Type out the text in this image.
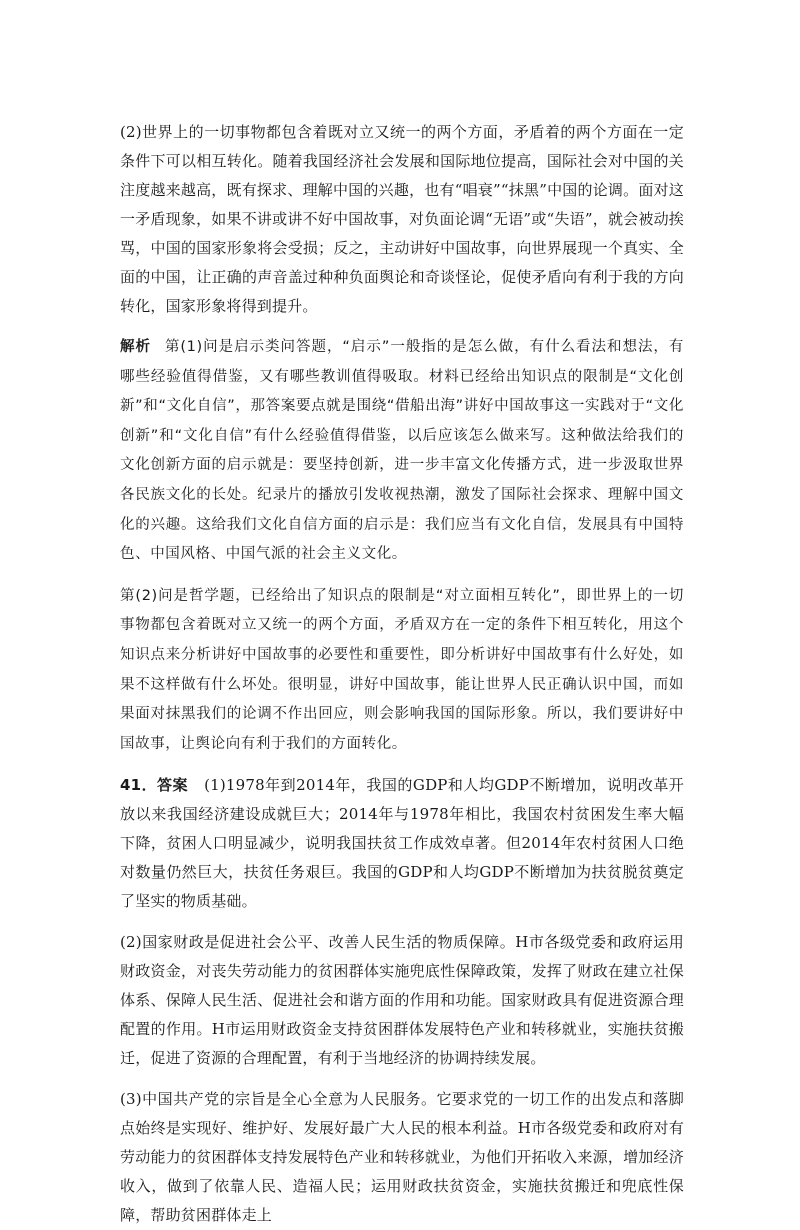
(2)世界上的一切事物都包含着既对立又统一的两个方面，矛盾着的两个方面在一定条件下可以相互转化。随着我国经济社会发展和国际地位提高，国际社会对中国的关注度越来越高，既有探求、理解中国的兴趣，也有“唱衰”“抹黑”中国的论调。面对这一矛盾现象，如果不讲或讲不好中国故事，对负面论调“无语”或“失语”，就会被动挨骂，中国的国家形象将会受损；反之，主动讲好中国故事，向世界展现一个真实、全面的中国，让正确的声音盖过种种负面舆论和奇谈怪论，促使矛盾向有利于我的方向转化，国家形象将得到提升。

解析 第(1)问是启示类问答题，“启示”一般指的是怎么做，有什么看法和想法，有哪些经验值得借鉴，又有哪些教训值得吸取。材料已经给出知识点的限制是“文化创新”和“文化自信”，那答案要点就是围绕“借船出海”讲好中国故事这一实践对于“文化创新”和“文化自信”有什么经验值得借鉴，以后应该怎么做来写。这种做法给我们的文化创新方面的启示就是：要坚持创新，进一步丰富文化传播方式，进一步汲取世界各民族文化的长处。纪录片的播放引发收视热潮，激发了国际社会探求、理解中国文化的兴趣。这给我们文化自信方面的启示是：我们应当有文化自信，发展具有中国特色、中国风格、中国气派的社会主义文化。

第(2)问是哲学题，已经给出了知识点的限制是“对立面相互转化”，即世界上的一切事物都包含着既对立又统一的两个方面，矛盾双方在一定的条件下相互转化，用这个知识点来分析讲好中国故事的必要性和重要性，即分析讲好中国故事有什么好处，如果不这样做有什么坏处。很明显，讲好中国故事，能让世界人民正确认识中国，而如果面对抹黑我们的论调不作出回应，则会影响我国的国际形象。所以，我们要讲好中国故事，让舆论向有利于我们的方面转化。

41．答案 (1)1978年到2014年，我国的GDP和人均GDP不断增加，说明改革开放以来我国经济建设成就巨大；2014年与1978年相比，我国农村贫困发生率大幅下降，贫困人口明显减少，说明我国扶贫工作成效卓著。但2014年农村贫困人口绝对数量仍然巨大，扶贫任务艰巨。我国的GDP和人均GDP不断增加为扶贫脱贫奠定了坚实的物质基础。

(2)国家财政是促进社会公平、改善人民生活的物质保障。H市各级党委和政府运用财政资金，对丧失劳动能力的贫困群体实施兜底性保障政策，发挥了财政在建立社保体系、保障人民生活、促进社会和谐方面的作用和功能。国家财政具有促进资源合理配置的作用。H市运用财政资金支持贫困群体发展特色产业和转移就业，实施扶贫搬迁，促进了资源的合理配置，有利于当地经济的协调持续发展。

(3)中国共产党的宗旨是全心全意为人民服务。它要求党的一切工作的出发点和落脚点始终是实现好、维护好、发展好最广大人民的根本利益。H市各级党委和政府对有劳动能力的贫困群体支持发展特色产业和转移就业，为他们开拓收入来源，增加经济收入，做到了依靠人民、造福人民；运用财政扶贫资金，实施扶贫搬迁和兜底性保障，帮助贫困群体走上
